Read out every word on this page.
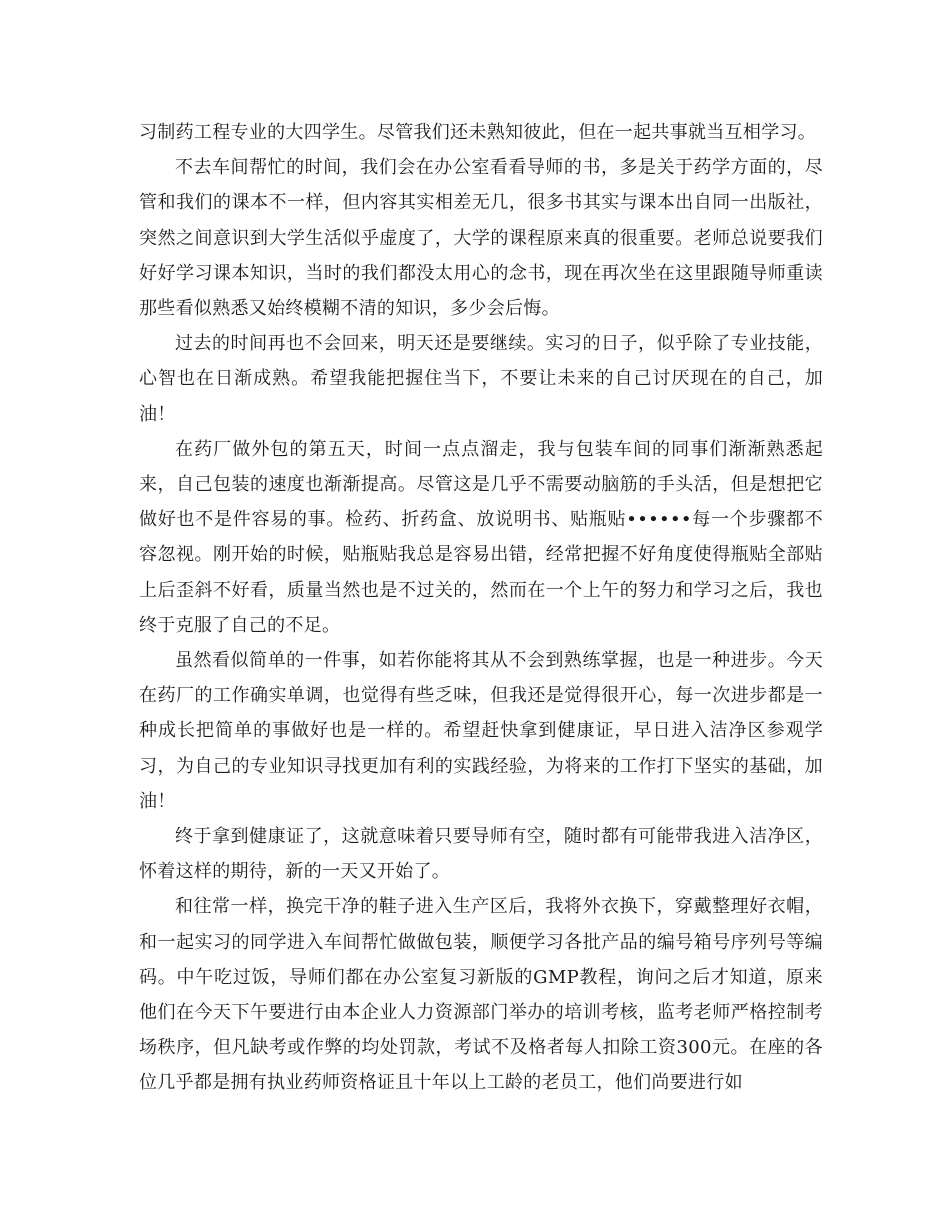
习制药工程专业的大四学生。尽管我们还未熟知彼此，但在一起共事就当互相学习。

不去车间帮忙的时间，我们会在办公室看看导师的书，多是关于药学方面的，尽管和我们的课本不一样，但内容其实相差无几，很多书其实与课本出自同一出版社，突然之间意识到大学生活似乎虚度了，大学的课程原来真的很重要。老师总说要我们好好学习课本知识，当时的我们都没太用心的念书，现在再次坐在这里跟随导师重读那些看似熟悉又始终模糊不清的知识，多少会后悔。

过去的时间再也不会回来，明天还是要继续。实习的日子，似乎除了专业技能，心智也在日渐成熟。希望我能把握住当下，不要让未来的自己讨厌现在的自己，加油！

在药厂做外包的第五天，时间一点点溜走，我与包装车间的同事们渐渐熟悉起来，自己包装的速度也渐渐提高。尽管这是几乎不需要动脑筋的手头活，但是想把它做好也不是件容易的事。检药、折药盒、放说明书、贴瓶贴••••••每一个步骤都不容忽视。刚开始的时候，贴瓶贴我总是容易出错，经常把握不好角度使得瓶贴全部贴上后歪斜不好看，质量当然也是不过关的，然而在一个上午的努力和学习之后，我也终于克服了自己的不足。

虽然看似简单的一件事，如若你能将其从不会到熟练掌握，也是一种进步。今天在药厂的工作确实单调，也觉得有些乏味，但我还是觉得很开心，每一次进步都是一种成长把简单的事做好也是一样的。希望赶快拿到健康证，早日进入洁净区参观学习，为自己的专业知识寻找更加有利的实践经验，为将来的工作打下坚实的基础，加油！

终于拿到健康证了，这就意味着只要导师有空，随时都有可能带我进入洁净区，怀着这样的期待，新的一天又开始了。

和往常一样，换完干净的鞋子进入生产区后，我将外衣换下，穿戴整理好衣帽，和一起实习的同学进入车间帮忙做做包装，顺便学习各批产品的编号箱号序列号等编码。中午吃过饭，导师们都在办公室复习新版的GMP教程，询问之后才知道，原来他们在今天下午要进行由本企业人力资源部门举办的培训考核，监考老师严格控制考场秩序，但凡缺考或作弊的均处罚款，考试不及格者每人扣除工资300元。在座的各位几乎都是拥有执业药师资格证且十年以上工龄的老员工，他们尚要进行如
